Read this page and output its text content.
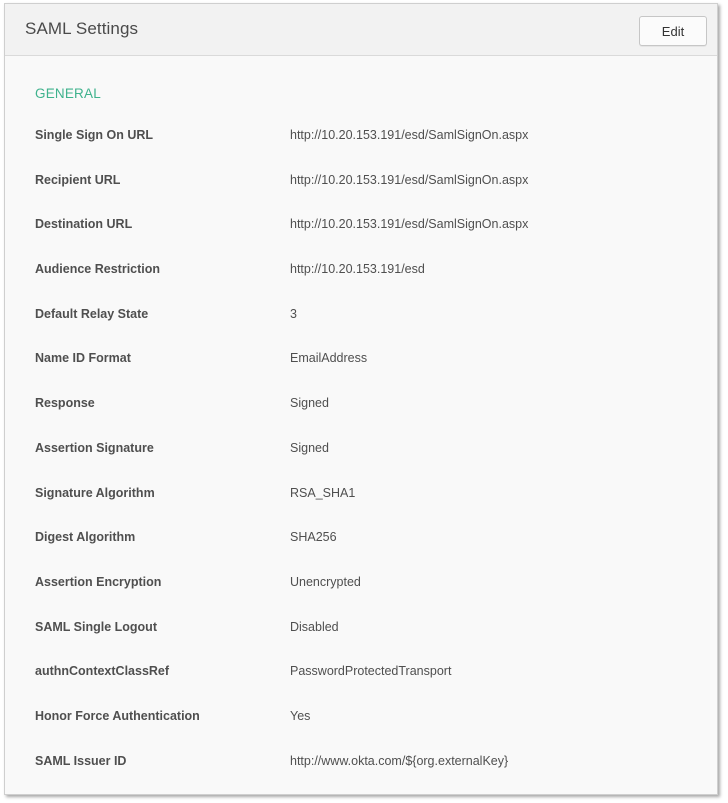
SAML Settings	Edit
GENERAL
Single Sign On URL	http://10.20.153.191/esd/SamlSignOn.aspx
Recipient URL	http://10.20.153.191/esd/SamlSignOn.aspx
Destination URL	http://10.20.153.191/esd/SamlSignOn.aspx
Audience Restriction	http://10.20.153.191/esd
Default Relay State	3
Name ID Format	EmailAddress
Response	Signed
Assertion Signature	Signed
Signature Algorithm	RSA_SHA1
Digest Algorithm	SHA256
Assertion Encryption	Unencrypted
SAML Single Logout	Disabled
authnContextClassRef	PasswordProtectedTransport
Honor Force Authentication	Yes
SAML Issuer ID	http://www.okta.com/${org.externalKey}
